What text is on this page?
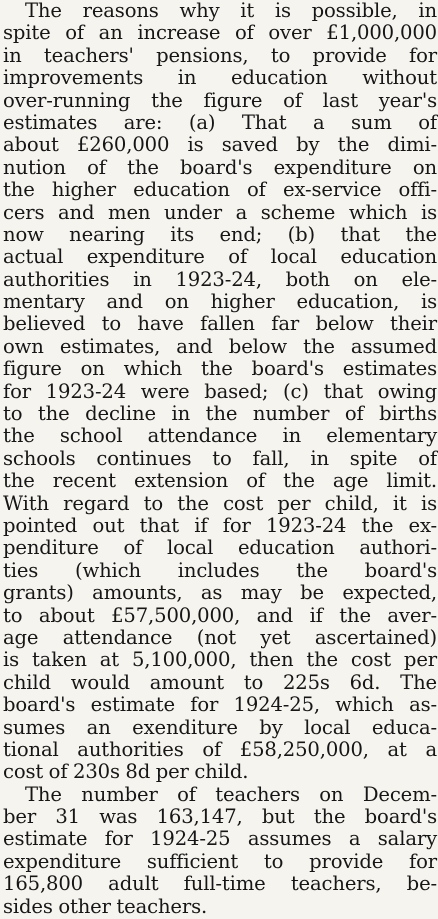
The reasons why it is possible, in
spite of an increase of over £1,000,000
in teachers' pensions, to provide for
improvements in education without
over-running the figure of last year's
estimates are: (a) That a sum of
about £260,000 is saved by the dimi-
nution of the board's expenditure on
the higher education of ex-service offi-
cers and men under a scheme which is
now nearing its end; (b) that the
actual expenditure of local education
authorities in 1923-24, both on ele-
mentary and on higher education, is
believed to have fallen far below their
own estimates, and below the assumed
figure on which the board's estimates
for 1923-24 were based; (c) that owing
to the decline in the number of births
the school attendance in elementary
schools continues to fall, in spite of
the recent extension of the age limit.
With regard to the cost per child, it is
pointed out that if for 1923-24 the ex-
penditure of local education authori-
ties (which includes the board's
grants) amounts, as may be expected,
to about £57,500,000, and if the aver-
age attendance (not yet ascertained)
is taken at 5,100,000, then the cost per
child would amount to 225s 6d. The
board's estimate for 1924-25, which as-
sumes an exenditure by local educa-
tional authorities of £58,250,000, at a
cost of 230s 8d per child.
The number of teachers on Decem-
ber 31 was 163,147, but the board's
estimate for 1924-25 assumes a salary
expenditure sufficient to provide for
165,800 adult full-time teachers, be-
sides other teachers.
